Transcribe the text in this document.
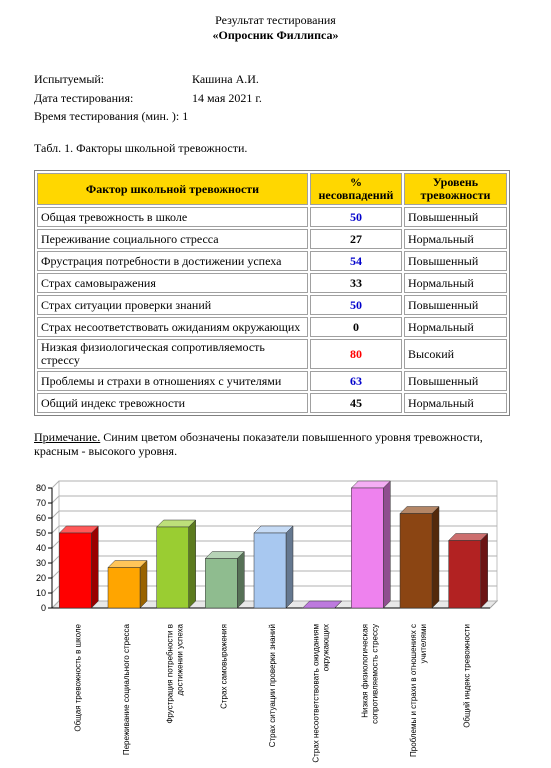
Результат тестирования
«Опросник Филлипса»
Испытуемый:	Кашина А.И.
Дата тестирования:	14 мая 2021 г.
Время тестирования (мин. ): 1
Табл. 1. Факторы школьной тревожности.
Фактор школьной тревожности	% несовпадений	Уровень тревожности
Общая тревожность в школе	50	Повышенный
Переживание социального стресса	27	Нормальный
Фрустрация потребности в достижении успеха	54	Повышенный
Страх самовыражения	33	Нормальный
Страх ситуации проверки знаний	50	Повышенный
Страх несоответствовать ожиданиям окружающих	0	Нормальный
Низкая физиологическая сопротивляемость стрессу	80	Высокий
Проблемы и страхи в отношениях с учителями	63	Повышенный
Общий индекс тревожности	45	Нормальный
Примечание. Синим цветом обозначены показатели повышенного уровня тревожности, красным - высокого уровня.
0
10
20
30
40
50
60
70
80
Общая тревожность в школе	Переживание социального стресса	Фрустрация потребности в достижении успеха	Страх самовыражения	Страх ситуации проверки знаний	Страх несоответствовать ожиданиям окружающих	Низкая физиологическая сопротивляемость стрессу	Проблемы и страхи в отношениях с учителями	Общий индекс тревожности
